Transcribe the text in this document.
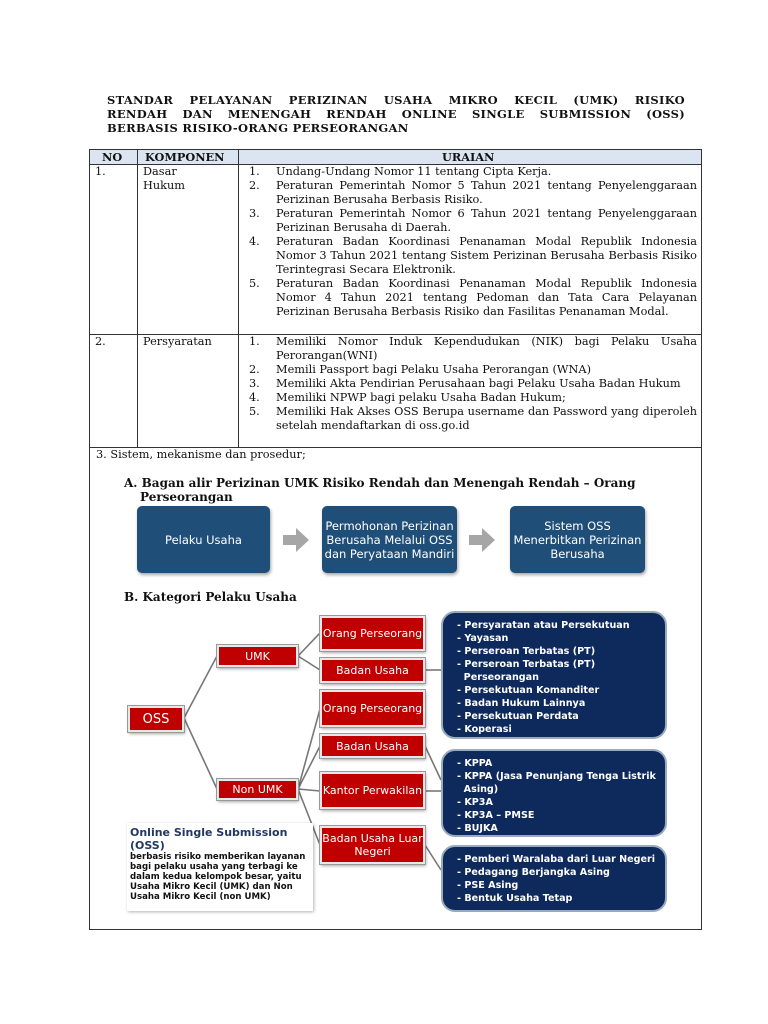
STANDAR PELAYANAN PERIZINAN USAHA MIKRO KECIL (UMK) RISIKO
RENDAH DAN MENENGAH RENDAH ONLINE SINGLE SUBMISSION (OSS)
BERBASIS RISIKO-ORANG PERSEORANGAN
NO KOMPONEN	URAIAN
1.	Dasar Hukum
1. Undang-Undang Nomor 11 tentang Cipta Kerja.
2. Peraturan Pemerintah Nomor 5 Tahun 2021 tentang Penyelenggaraan Perizinan Berusaha Berbasis Risiko.
3. Peraturan Pemerintah Nomor 6 Tahun 2021 tentang Penyelenggaraan Perizinan Berusaha di Daerah.
4. Peraturan Badan Koordinasi Penanaman Modal Republik Indonesia Nomor 3 Tahun 2021 tentang Sistem Perizinan Berusaha Berbasis Risiko Terintegrasi Secara Elektronik.
5. Peraturan Badan Koordinasi Penanaman Modal Republik Indonesia Nomor 4 Tahun 2021 tentang Pedoman dan Tata Cara Pelayanan Perizinan Berusaha Berbasis Risiko dan Fasilitas Penanaman Modal.
2.	Persyaratan	1. Memiliki Nomor Induk Kependudukan (NIK) bagi Pelaku Usaha Perorangan(WNI)
2. Memili Passport bagi Pelaku Usaha Perorangan (WNA)
3. Memiliki Akta Pendirian Perusahaan bagi Pelaku Usaha Badan Hukum
4. Memiliki NPWP bagi pelaku Usaha Badan Hukum;
5. Memiliki Hak Akses OSS Berupa username dan Password yang diperoleh setelah mendaftarkan di oss.go.id
3. Sistem, mekanisme dan prosedur;
A. Bagan alir Perizinan UMK Risiko Rendah dan Menengah Rendah – Orang
Perseorangan
Pelaku Usaha
Permohonan Perizinan Berusaha Melalui OSS dan Peryataan Mandiri
Sistem OSS Menerbitkan Perizinan Berusaha
B. Kategori Pelaku Usaha
OSS
UMK
Non UMK
Orang Perseorang
Badan Usaha
Orang Perseorang
Badan Usaha
Kantor Perwakilan
Badan Usaha Luar Negeri
- Persyaratan atau Persekutuan
- Yayasan
- Perseroan Terbatas (PT)
- Perseroan Terbatas (PT)
Perseorangan
- Persekutuan Komanditer
- Badan Hukum Lainnya
- Persekutuan Perdata
- Koperasi
- KPPA
- KPPA (Jasa Penunjang Tenga Listrik
Asing)
- KP3A
- KP3A – PMSE
- BUJKA
- Pemberi Waralaba dari Luar Negeri
- Pedagang Berjangka Asing
- PSE Asing
- Bentuk Usaha Tetap
Online Single Submission
(OSS)
berbasis risiko memberikan layanan
bagi pelaku usaha yang terbagi ke
dalam kedua kelompok besar, yaitu
Usaha Mikro Kecil (UMK) dan Non
Usaha Mikro Kecil (non UMK)
